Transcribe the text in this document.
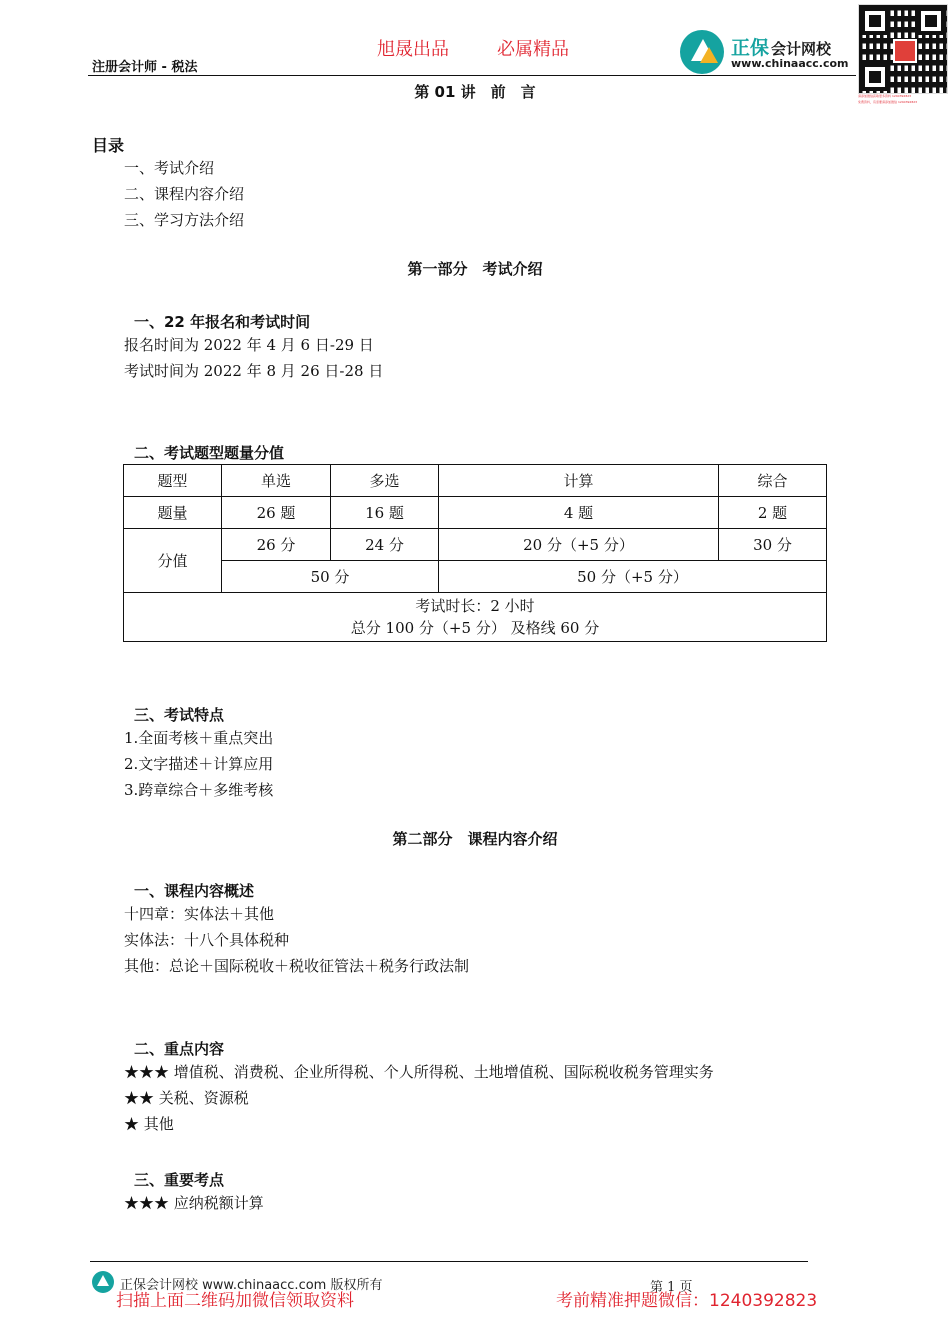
注册会计师 - 税法
旭晟出品	必属精品	正保 会计网校
www.chinaacc.com
请添加微信获取更多资料 1240392823
免费资料，有需要请添加微信 1240392823
第 01 讲　前　言
目录
一、考试介绍
二、课程内容介绍
三、学习方法介绍
第一部分　考试介绍
一、22 年报名和考试时间
报名时间为 2022 年 4 月 6 日-29 日
考试时间为 2022 年 8 月 26 日-28 日
二、考试题型题量分值
题型	单选	多选	计算	综合
题量	26 题	16 题	4 题	2 题
分值	26 分	24 分	20 分（+5 分）	30 分
	50 分		50 分（+5 分）	

考试时长：2 小时
总分 100 分（+5 分） 及格线 60 分				
三、考试特点
1.全面考核＋重点突出
2.文字描述＋计算应用
3.跨章综合＋多维考核
第二部分　课程内容介绍
一、课程内容概述
十四章：实体法＋其他
实体法：十八个具体税种
其他：总论＋国际税收＋税收征管法＋税务行政法制
二、重点内容
★★★ 增值税、消费税、企业所得税、个人所得税、土地增值税、国际税收税务管理实务
★★ 关税、资源税
★ 其他
三、重要考点
★★★ 应纳税额计算
正保会计网校 www.chinaacc.com 版权所有	第 1 页
扫描上面二维码加微信领取资料	考前精准押题微信：1240392823
